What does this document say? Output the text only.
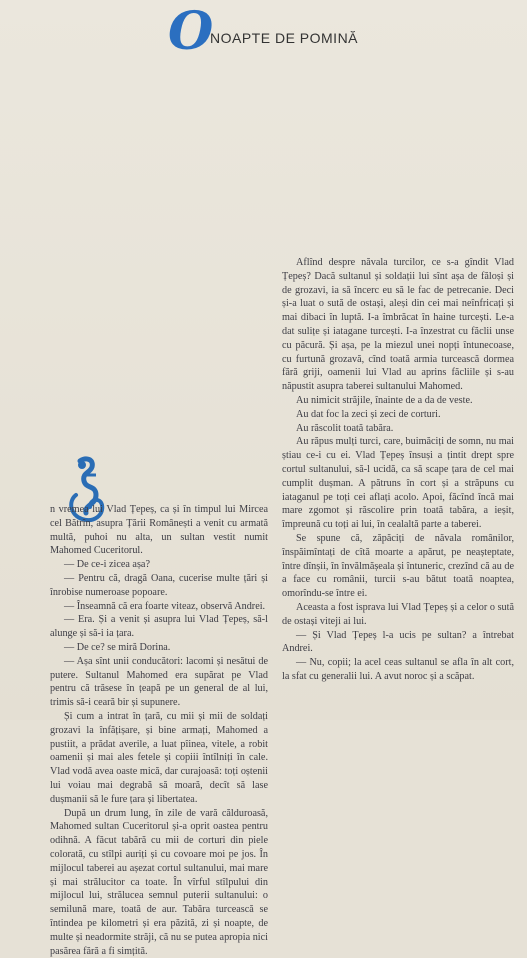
O
NOAPTE DE POMINĂ

n vremea lui Vlad Țepeș, ca și în timpul lui Mircea cel Bătrîn, asupra Țării Românești a venit cu armată multă, puhoi nu alta, un sultan vestit numit Mahomed Cuceritorul.

— De ce-i zicea așa?

— Pentru că, dragă Oana, cucerise multe țări și înrobise numeroase popoare.

— Înseamnă că era foarte viteaz, observă Andrei.

— Era. Și a venit și asupra lui Vlad Țepeș, să-l alunge și să-i ia țara.

— De ce? se miră Dorina.

— Așa sînt unii conducători: lacomi și nesătui de putere. Sultanul Mahomed era supărat pe Vlad pentru că trăsese în țeapă pe un general de al lui, trimis să-i ceară bir și supunere.

Și cum a intrat în țară, cu mii și mii de soldați grozavi la înfățișare, și bine armați, Mahomed a pustiit, a prădat averile, a luat pîinea, vitele, a robit oamenii și mai ales fetele și copiii întîlniți în cale. Vlad vodă avea oaste mică, dar curajoasă: toți oștenii lui voiau mai degrabă să moară, decît să lase dușmanii să le fure țara și libertatea.

După un drum lung, în zile de vară călduroasă, Mahomed sultan Cuceritorul și-a oprit oastea pentru odihnă. A făcut tabără cu mii de corturi din piele colorată, cu stîlpi auriți și cu covoare moi pe jos. În mijlocul taberei au așezat cortul sultanului, mai mare și mai strălucitor ca toate. În vîrful stîlpului din mijlocul lui, strălucea semnul puterii sultanului: o semilună mare, toată de aur. Tabăra turcească se întindea pe kilometri și era păzită, zi și noapte, de multe și neadormite străji, că nu se putea apropia nici pasărea fără a fi simțită.

Aflînd despre năvala turcilor, ce s-a gîndit Vlad Țepeș? Dacă sultanul și soldații lui sînt așa de făloși și de grozavi, ia să încerc eu să le fac de petrecanie. Deci și-a luat o sută de ostași, aleși din cei mai neînfricați și mai dibaci în luptă. I-a îmbrăcat în haine turcești. Le-a dat sulițe și iatagane turcești. I-a înzestrat cu făclii unse cu păcură. Și așa, pe la miezul unei nopți întunecoase, cu furtună grozavă, cînd toată armia turcească dormea fără griji, oamenii lui Vlad au aprins făcliile și s-au năpustit asupra taberei sultanului Mahomed.

Au nimicit străjile, înainte de a da de veste.

Au dat foc la zeci și zeci de corturi.

Au răscolit toată tabăra.

Au răpus mulți turci, care, buimăciți de somn, nu mai știau ce-i cu ei. Vlad Țepeș însuși a țintit drept spre cortul sultanului, să-l ucidă, ca să scape țara de cel mai cumplit dușman. A pătruns în cort și a străpuns cu iataganul pe toți cei aflați acolo. Apoi, făcînd încă mai mare zgomot și răscolire prin toată tabăra, a ieșit, împreună cu toți ai lui, în cealaltă parte a taberei.

Se spune că, zăpăciți de năvala românilor, înspăimîntați de cîtă moarte a apărut, pe neașteptate, între dînșii, în învălmășeala și întuneric, crezînd că au de a face cu românii, turcii s-au bătut toată noaptea, omorîndu-se între ei.

Aceasta a fost isprava lui Vlad Țepeș și a celor o sută de ostași viteji ai lui.

— Și Vlad Țepeș l-a ucis pe sultan? a întrebat Andrei.

— Nu, copii; la acel ceas sultanul se afla în alt cort, la sfat cu generalii lui. A avut noroc și a scăpat.
